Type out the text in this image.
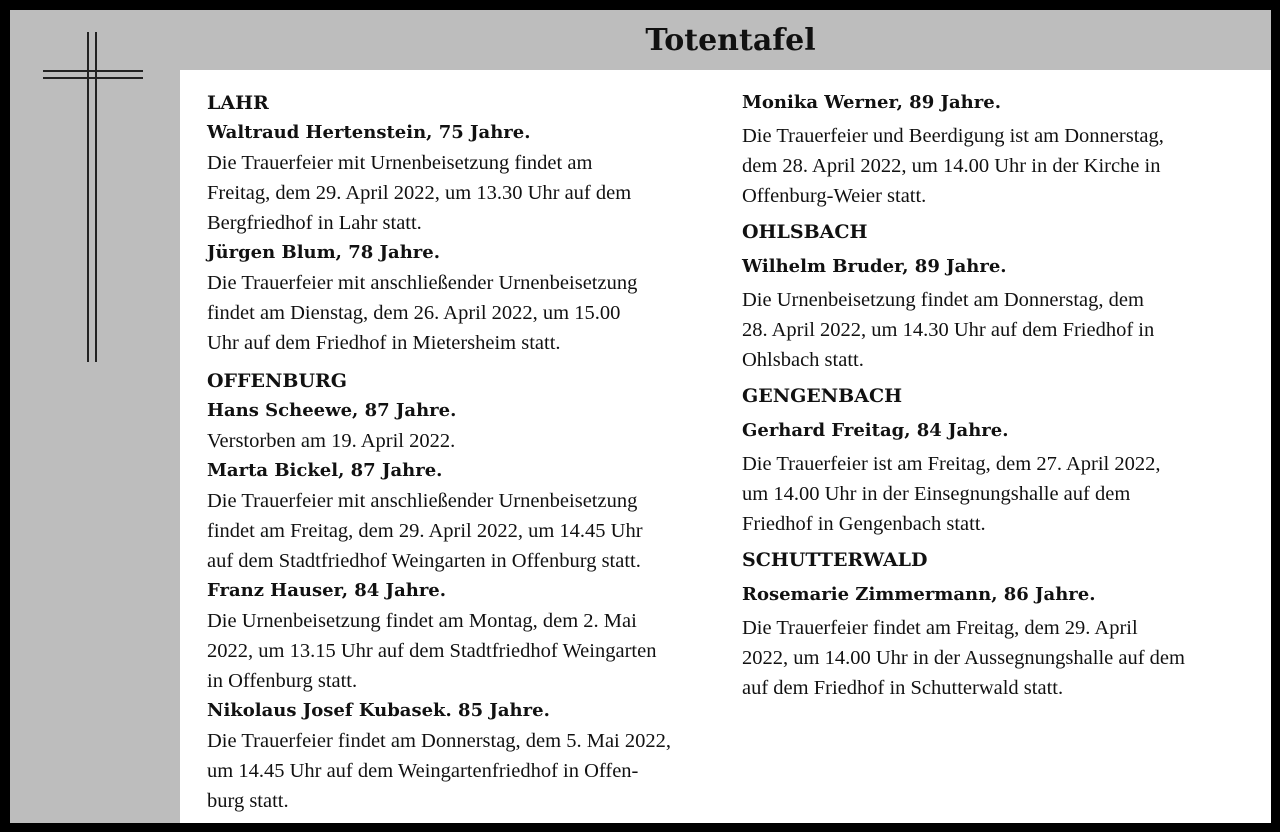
Totentafel
LAHR
Waltraud Hertenstein, 75 Jahre.
Die Trauerfeier mit Urnenbeisetzung findet am
Freitag, dem 29. April 2022, um 13.30 Uhr auf dem
Bergfriedhof in Lahr statt.
Jürgen Blum, 78 Jahre.
Die Trauerfeier mit anschließender Urnenbeisetzung
findet am Dienstag, dem 26. April 2022, um 15.00
Uhr auf dem Friedhof in Mietersheim statt.
OFFENBURG
Hans Scheewe, 87 Jahre.
Verstorben am 19. April 2022.
Marta Bickel, 87 Jahre.
Die Trauerfeier mit anschließender Urnenbeisetzung
findet am Freitag, dem 29. April 2022, um 14.45 Uhr
auf dem Stadtfriedhof Weingarten in Offenburg statt.
Franz Hauser, 84 Jahre.
Die Urnenbeisetzung findet am Montag, dem 2. Mai
2022, um 13.15 Uhr auf dem Stadtfriedhof Weingarten
in Offenburg statt.
Nikolaus Josef Kubasek. 85 Jahre.
Die Trauerfeier findet am Donnerstag, dem 5. Mai 2022,
um 14.45 Uhr auf dem Weingartenfriedhof in Offen-
burg statt.
Monika Werner, 89 Jahre.
Die Trauerfeier und Beerdigung ist am Donnerstag,
dem 28. April 2022, um 14.00 Uhr in der Kirche in
Offenburg-Weier statt.
OHLSBACH
Wilhelm Bruder, 89 Jahre.
Die Urnenbeisetzung findet am Donnerstag, dem
28. April 2022, um 14.30 Uhr auf dem Friedhof in
Ohlsbach statt.
GENGENBACH
Gerhard Freitag, 84 Jahre.
Die Trauerfeier ist am Freitag, dem 27. April 2022,
um 14.00 Uhr in der Einsegnungshalle auf dem
Friedhof in Gengenbach statt.
SCHUTTERWALD
Rosemarie Zimmermann, 86 Jahre.
Die Trauerfeier findet am Freitag, dem 29. April
2022, um 14.00 Uhr in der Aussegnungshalle auf dem
auf dem Friedhof in Schutterwald statt.
